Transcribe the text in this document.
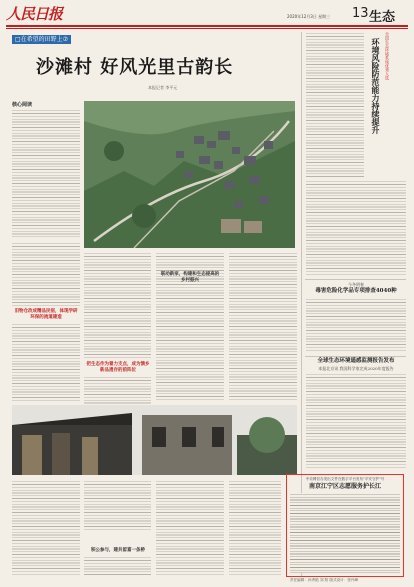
人民日报	2020年12月3日 星期三 13 生态
□在希望的田野上⑦
沙滩村 好风光里古韵长
本报记者 李平元
核心阅读
旧物仓改成精品民宿，体现学研环保的流道建造
把生态作为着力支点，成为馈乡新品遗存的前阵位
联动新家，构建和生态提高的乡村振兴
积公参与，建共留富一条桥
全国生态环境系统优秀人选
环境风险防范能力持续提升
今冬明春
毒害危险化学品专项排查4040种
全球生态环境遥感监测报告发布
本报北京讯 我国科学家完成2020年度报告
中央网信办发出文件在数字平台发布"平安守护"号
南京江宁区志愿服务护长江
责任编辑：孙秀艳 刘 阳 版式设计：张丹峰
